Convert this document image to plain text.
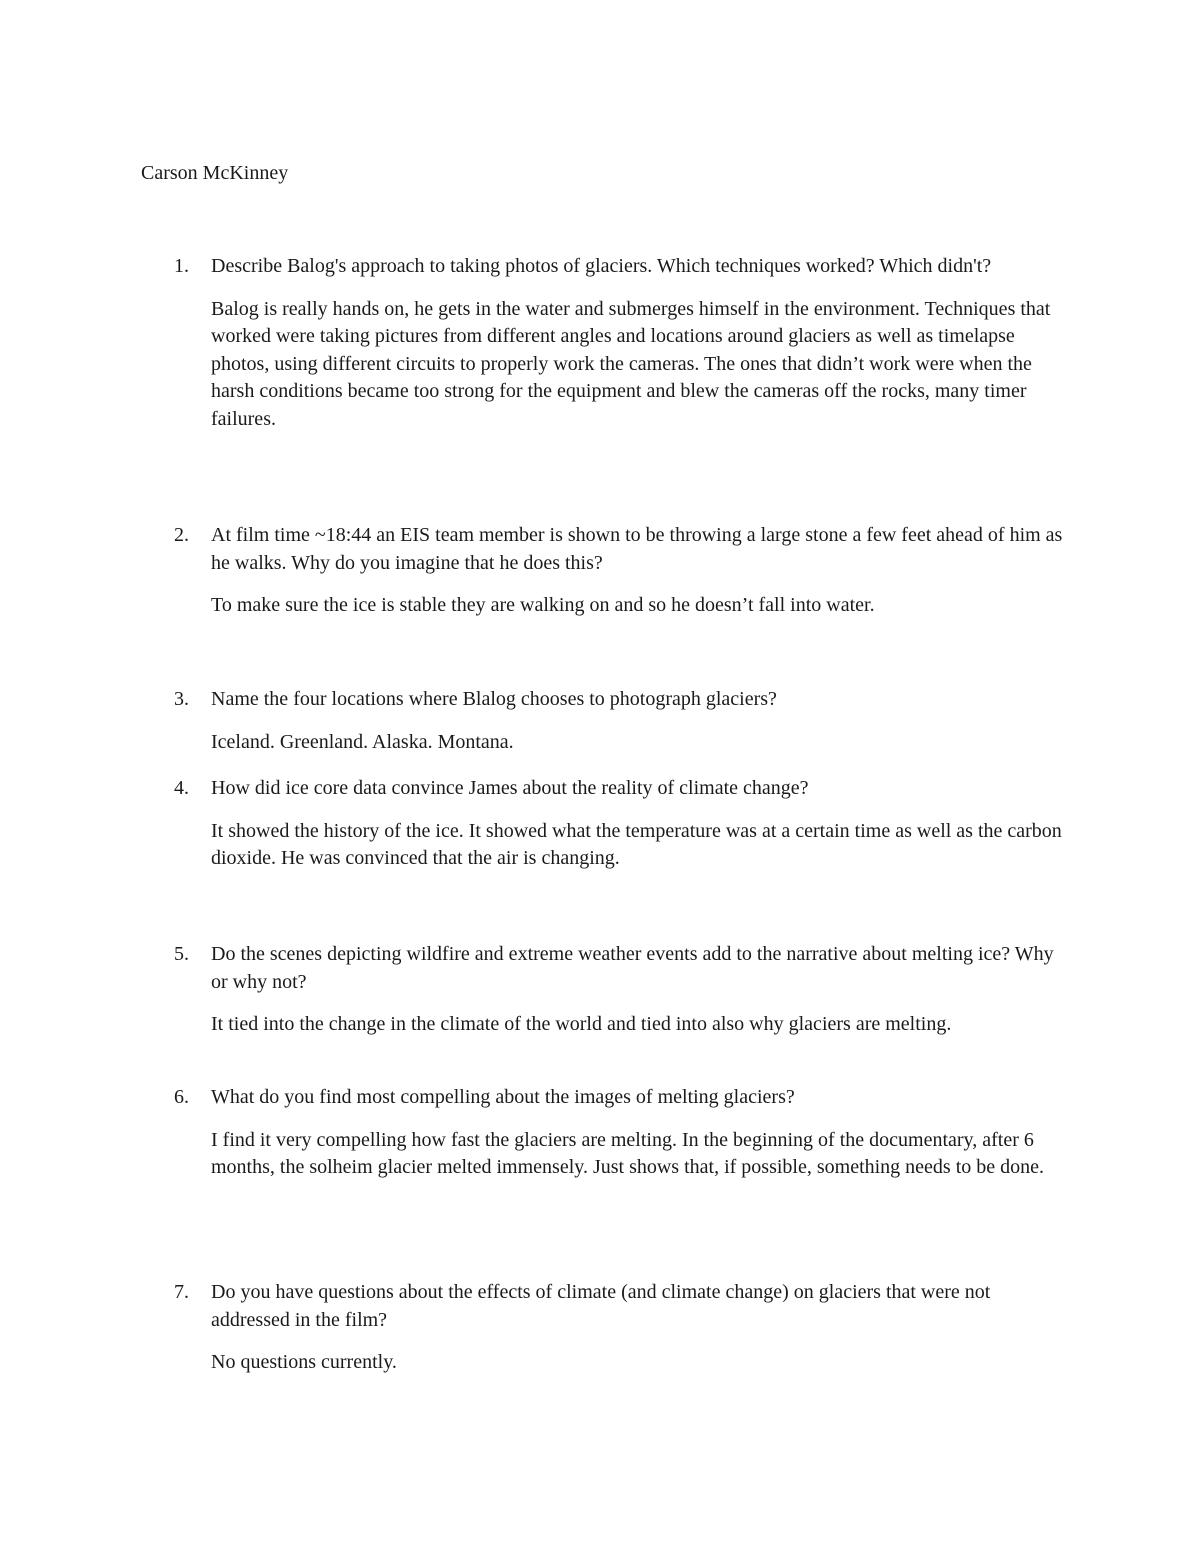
Carson McKinney
1.	Describe Balog's approach to taking photos of glaciers. Which techniques worked? Which didn't?
Balog is really hands on, he gets in the water and submerges himself in the environment. Techniques that worked were taking pictures from different angles and locations around glaciers as well as timelapse photos, using different circuits to properly work the cameras. The ones that didn’t work were when the harsh conditions became too strong for the equipment and blew the cameras off the rocks, many timer failures.
2.	At film time ~18:44 an EIS team member is shown to be throwing a large stone a few feet ahead of him as he walks. Why do you imagine that he does this?
To make sure the ice is stable they are walking on and so he doesn’t fall into water.
3.	Name the four locations where Blalog chooses to photograph glaciers?
Iceland. Greenland. Alaska. Montana.
4.	How did ice core data convince James about the reality of climate change?
It showed the history of the ice. It showed what the temperature was at a certain time as well as the carbon dioxide. He was convinced that the air is changing.
5.	Do the scenes depicting wildfire and extreme weather events add to the narrative about melting ice? Why or why not?
It tied into the change in the climate of the world and tied into also why glaciers are melting.
6.	What do you find most compelling about the images of melting glaciers?
I find it very compelling how fast the glaciers are melting. In the beginning of the documentary, after 6 months, the solheim glacier melted immensely. Just shows that, if possible, something needs to be done.
7.	Do you have questions about the effects of climate (and climate change) on glaciers that were not addressed in the film?
No questions currently.
